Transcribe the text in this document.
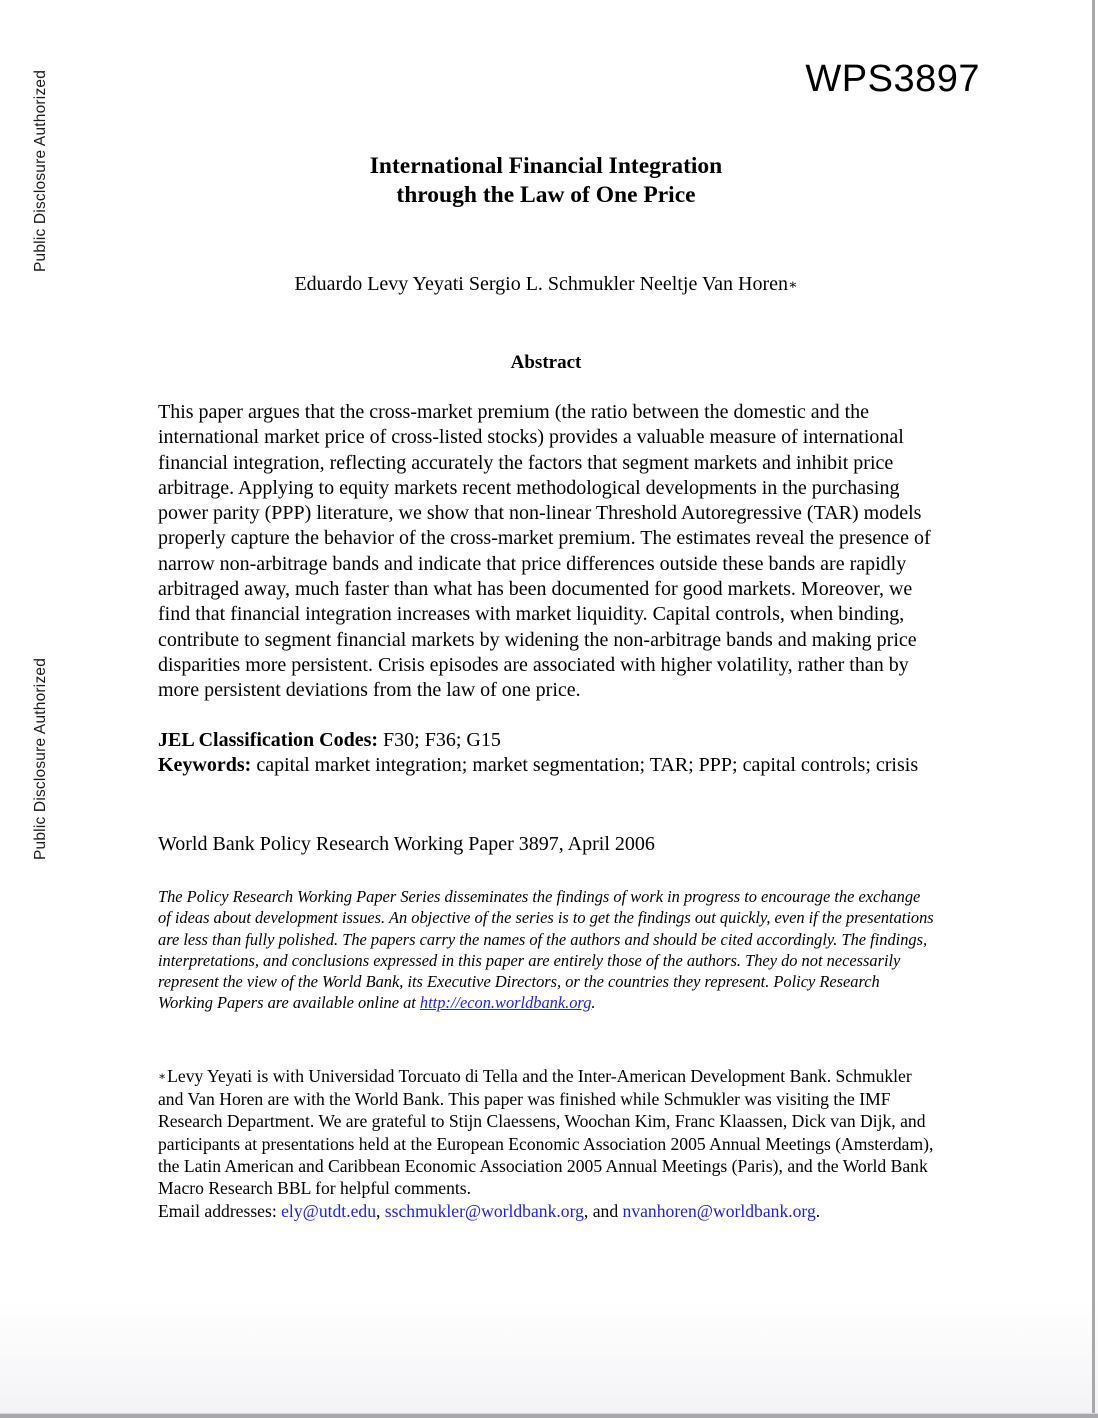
Public Disclosure Authorized
Public Disclosure Authorized
WPS3897
International Financial Integration
through the Law of One Price

Eduardo Levy Yeyati Sergio L. Schmukler Neeltje Van Horen∗

Abstract

This paper argues that the cross-market premium (the ratio between the domestic and the international market price of cross-listed stocks) provides a valuable measure of international financial integration, reflecting accurately the factors that segment markets and inhibit price arbitrage. Applying to equity markets recent methodological developments in the purchasing power parity (PPP) literature, we show that non-linear Threshold Autoregressive (TAR) models properly capture the behavior of the cross-market premium. The estimates reveal the presence of narrow non-arbitrage bands and indicate that price differences outside these bands are rapidly arbitraged away, much faster than what has been documented for good markets. Moreover, we find that financial integration increases with market liquidity. Capital controls, when binding, contribute to segment financial markets by widening the non-arbitrage bands and making price disparities more persistent. Crisis episodes are associated with higher volatility, rather than by more persistent deviations from the law of one price.

JEL Classification Codes: F30; F36; G15
Keywords: capital market integration; market segmentation; TAR; PPP; capital controls; crisis

World Bank Policy Research Working Paper 3897, April 2006

The Policy Research Working Paper Series disseminates the findings of work in progress to encourage the exchange of ideas about development issues. An objective of the series is to get the findings out quickly, even if the presentations are less than fully polished. The papers carry the names of the authors and should be cited accordingly. The findings, interpretations, and conclusions expressed in this paper are entirely those of the authors. They do not necessarily represent the view of the World Bank, its Executive Directors, or the countries they represent. Policy Research Working Papers are available online at http://econ.worldbank.org.

∗Levy Yeyati is with Universidad Torcuato di Tella and the Inter-American Development Bank. Schmukler and Van Horen are with the World Bank. This paper was finished while Schmukler was visiting the IMF Research Department. We are grateful to Stijn Claessens, Woochan Kim, Franc Klaassen, Dick van Dijk, and participants at presentations held at the European Economic Association 2005 Annual Meetings (Amsterdam), the Latin American and Caribbean Economic Association 2005 Annual Meetings (Paris), and the World Bank Macro Research BBL for helpful comments.
Email addresses: ely@utdt.edu, sschmukler@worldbank.org, and nvanhoren@worldbank.org.
